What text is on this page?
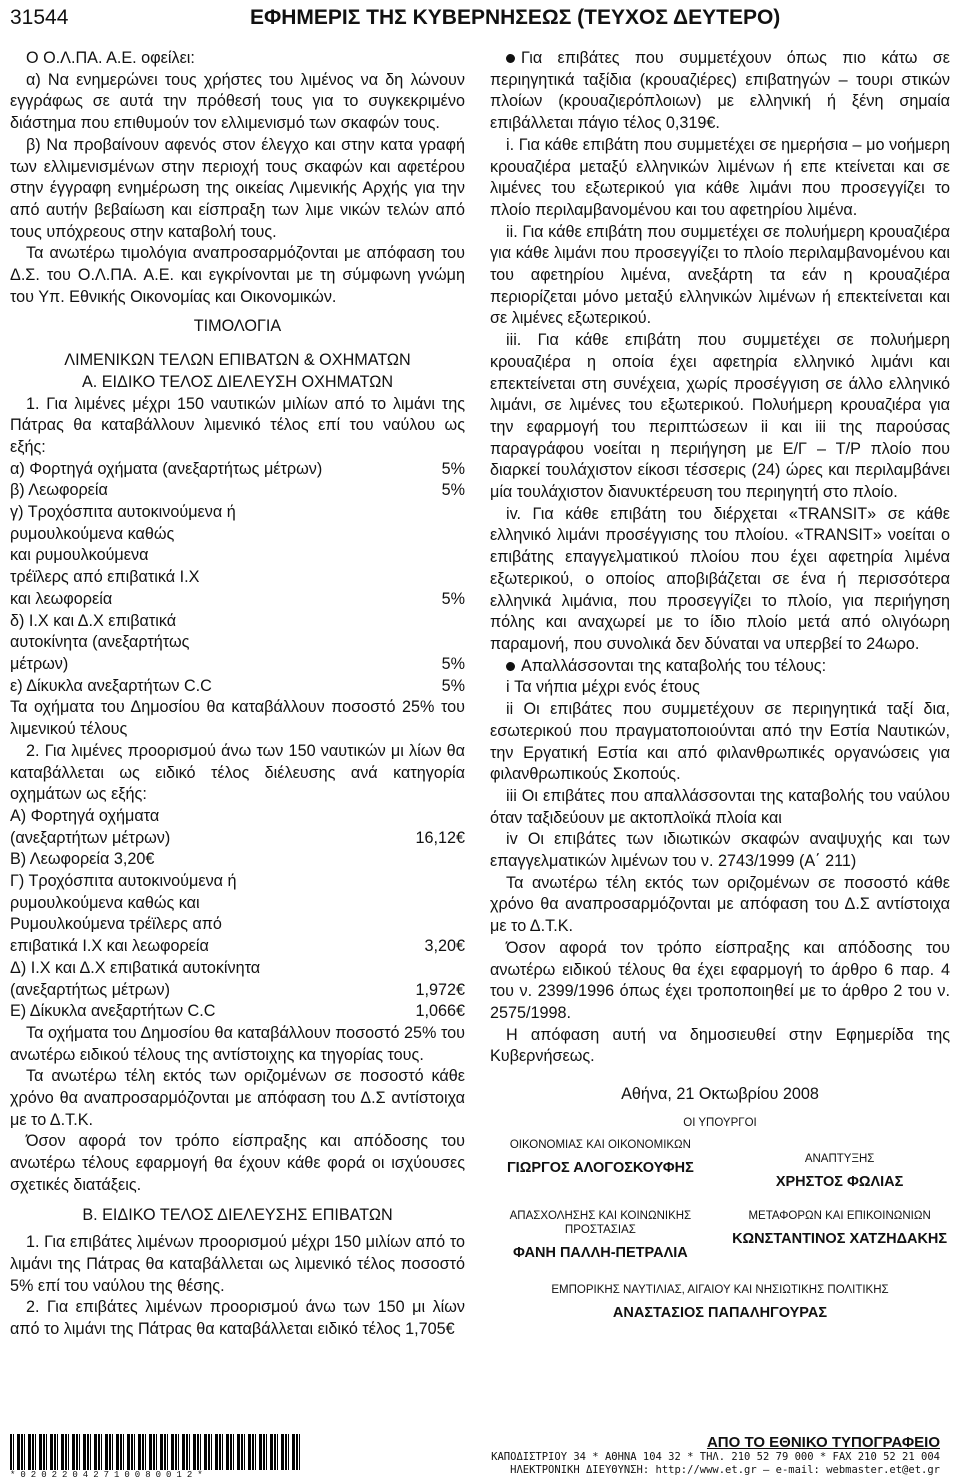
31544	ΕΦΗΜΕΡΙΣ ΤΗΣ ΚΥΒΕΡΝΗΣΕΩΣ (ΤΕΥΧΟΣ ΔΕΥΤΕΡΟ)

Ο Ο.Λ.ΠΑ. Α.Ε. οφείλει:

α) Να ενημερώνει τους χρήστες του λιμένος να δη λώνουν εγγράφως σε αυτά την πρόθεσή τους για το συγκεκριμένο διάστημα που επιθυμούν τον ελλιμενισμό των σκαφών τους.

β) Να προβαίνουν αφενός στον έλεγχο και στην κατα γραφή των ελλιμενισμένων στην περιοχή τους σκαφών και αφετέρου στην έγγραφη ενημέρωση της οικείας Λιμενικής Αρχής για την από αυτήν βεβαίωση και είσπραξη των λιμε νικών τελών από τους υπόχρεους στην καταβολή τους.

Τα ανωτέρω τιμολόγια αναπροσαρμόζονται με απόφαση του Δ.Σ. του Ο.Λ.ΠΑ. Α.Ε. και εγκρίνονται με τη σύμφωνη γνώμη του Υπ. Εθνικής Οικονομίας και Οικονομικών.

ΤΙΜΟΛΟΓΙΑ

ΛΙΜΕΝΙΚΩΝ ΤΕΛΩΝ ΕΠΙΒΑΤΩΝ & ΟΧΗΜΑΤΩΝ

Α. ΕΙΔΙΚΟ ΤΕΛΟΣ ΔΙΕΛΕΥΣΗ ΟΧΗΜΑΤΩΝ

1. Για λιμένες μέχρι 150 ναυτικών μιλίων από το λιμάνι της Πάτρας θα καταβάλλουν λιμενικό τέλος επί του ναύλου ως εξής:

α) Φορτηγά οχήματα (ανεξαρτήτως μέτρων)	5%
β) Λεωφορεία	5%
γ) Τροχόσπιτα αυτοκινούμενα ή
ρυμουλκούμενα καθώς
και ρυμουλκούμενα
τρέϊλερς από επιβατικά Ι.Χ
και λεωφορεία	5%
δ) Ι.Χ και Δ.Χ επιβατικά
αυτοκίνητα (ανεξαρτήτως
μέτρων)	5%
ε) Δίκυκλα ανεξαρτήτων C.C	5%

Τα οχήματα του Δημοσίου θα καταβάλλουν ποσοστό 25% του λιμενικού τέλους

2. Για λιμένες προορισμού άνω των 150 ναυτικών μι λίων θα καταβάλλεται ως ειδικό τέλος διέλευσης ανά κατηγορία οχημάτων ως εξής:

Α) Φορτηγά οχήματα
(ανεξαρτήτων μέτρων)	16,12€
Β) Λεωφορεία 3,20€
Γ) Τροχόσπιτα αυτοκινούμενα ή
ρυμουλκούμενα καθώς και
Ρυμουλκούμενα τρέϊλερς από
επιβατικά Ι.Χ και λεωφορεία	3,20€
Δ) Ι.Χ και Δ.Χ επιβατικά αυτοκίνητα
(ανεξαρτήτως μέτρων)	1,972€
Ε) Δίκυκλα ανεξαρτήτων C.C	1,066€

Τα οχήματα του Δημοσίου θα καταβάλλουν ποσοστό 25% του ανωτέρω ειδικού τέλους της αντίστοιχης κα τηγορίας τους.

Τα ανωτέρω τέλη εκτός των οριζομένων σε ποσοστό κάθε χρόνο θα αναπροσαρμόζονται με απόφαση του Δ.Σ αντίστοιχα με το Δ.Τ.Κ.

Όσον αφορά τον τρόπο είσπραξης και απόδοσης του ανωτέρω τέλους εφαρμογή θα έχουν κάθε φορά οι ισχύουσες σχετικές διατάξεις.

Β. ΕΙΔΙΚΟ ΤΕΛΟΣ ΔΙΕΛΕΥΣΗΣ ΕΠΙΒΑΤΩΝ

1. Για επιβάτες λιμένων προορισμού μέχρι 150 μιλίων από το λιμάνι της Πάτρας θα καταβάλλεται ως λιμενικό τέλος ποσοστό 5% επί του ναύλου της θέσης.

2. Για επιβάτες λιμένων προορισμού άνω των 150 μι λίων από το λιμάνι της Πάτρας θα καταβάλλεται ειδικό τέλος 1,705€

Για επιβάτες που συμμετέχουν όπως πιο κάτω σε περιηγητικά ταξίδια (κρουαζιέρες) επιβατηγών – τουρι στικών πλοίων (κρουαζιερόπλοιων) με ελληνική ή ξένη σημαία επιβάλλεται πάγιο τέλος 0,319€.

i. Για κάθε επιβάτη που συμμετέχει σε ημερήσια – μο νοήμερη κρουαζιέρα μεταξύ ελληνικών λιμένων ή επε κτείνεται και σε λιμένες του εξωτερικού για κάθε λιμάνι που προσεγγίζει το πλοίο περιλαμβανομένου και του αφετηρίου λιμένα.

ii. Για κάθε επιβάτη που συμμετέχει σε πολυήμερη κρουαζιέρα για κάθε λιμάνι που προσεγγίζει το πλοίο περιλαμβανομένου και του αφετηρίου λιμένα, ανεξάρτη τα εάν η κρουαζιέρα περιορίζεται μόνο μεταξύ ελληνικών λιμένων ή επεκτείνεται και σε λιμένες εξωτερικού.

iii. Για κάθε επιβάτη που συμμετέχει σε πολυήμερη κρουαζιέρα η οποία έχει αφετηρία ελληνικό λιμάνι και επεκτείνεται στη συνέχεια, χωρίς προσέγγιση σε άλλο ελληνικό λιμάνι, σε λιμένες του εξωτερικού. Πολυήμερη κρουαζιέρα για την εφαρμογή του περιπτώσεων ii και iii της παρούσας παραγράφου νοείται η περιήγηση με Ε/Γ – Τ/Ρ πλοίο που διαρκεί τουλάχιστον είκοσι τέσσερις (24) ώρες και περιλαμβάνει μία τουλάχιστον διανυκτέρευση του περιηγητή στο πλοίο.

iv. Για κάθε επιβάτη του διέρχεται «TRANSIT» σε κάθε ελληνικό λιμάνι προσέγγισης του πλοίου. «TRANSIT» νοείται ο επιβάτης επαγγελματικού πλοίου που έχει αφετηρία λιμένα εξωτερικού, ο οποίος αποβιβάζεται σε ένα ή περισσότερα ελληνικά λιμάνια, που προσεγγίζει το πλοίο, για περιήγηση πόλης και αναχωρεί με το ίδιο πλοίο μετά από ολιγόωρη παραμονή, που συνολικά δεν δύναται να υπερβεί το 24ωρο.

Απαλλάσσονται της καταβολής του τέλους:

i Τα νήπια μέχρι ενός έτους

ii Οι επιβάτες που συμμετέχουν σε περιηγητικά ταξί δια, εσωτερικού που πραγματοποιούνται από την Εστία Ναυτικών, την Εργατική Εστία και από φιλανθρωπικές οργανώσεις για φιλανθρωπικούς Σκοπούς.

iii Οι επιβάτες που απαλλάσσονται της καταβολής του ναύλου όταν ταξιδεύουν με ακτοπλοϊκά πλοία και

iv Οι επιβάτες των ιδιωτικών σκαφών αναψυχής και των επαγγελματικών λιμένων του ν. 2743/1999 (Α΄ 211)

Τα ανωτέρω τέλη εκτός των οριζομένων σε ποσοστό κάθε χρόνο θα αναπροσαρμόζονται με απόφαση του Δ.Σ αντίστοιχα με το Δ.Τ.Κ.

Όσον αφορά τον τρόπο είσπραξης και απόδοσης του ανωτέρω ειδικού τέλους θα έχει εφαρμογή το άρθρο 6 παρ. 4 του ν. 2399/1996 όπως έχει τροποποιηθεί με το άρθρο 2 του ν. 2575/1998.

Η απόφαση αυτή να δημοσιευθεί στην Εφημερίδα της Κυβερνήσεως.

Αθήνα, 21 Οκτωβρίου 2008

ΟΙ ΥΠΟΥΡΓΟΙ

ΟΙΚΟΝΟΜΙΑΣ ΚΑΙ ΟΙΚΟΝΟΜΙΚΩΝ
ΓΙΩΡΓΟΣ ΑΛΟΓΟΣΚΟΥΦΗΣ
ΑΝΑΠΤΥΞΗΣ
ΧΡΗΣΤΟΣ ΦΩΛΙΑΣ
ΑΠΑΣΧΟΛΗΣΗΣ ΚΑΙ ΚΟΙΝΩΝΙΚΗΣ ΠΡΟΣΤΑΣΙΑΣ
ΦΑΝΗ ΠΑΛΛΗ-ΠΕΤΡΑΛΙΑ
ΜΕΤΑΦΟΡΩΝ ΚΑΙ ΕΠΙΚΟΙΝΩΝΙΩΝ
ΚΩΝΣΤΑΝΤΙΝΟΣ ΧΑΤΖΗΔΑΚΗΣ
ΕΜΠΟΡΙΚΗΣ ΝΑΥΤΙΛΙΑΣ, ΑΙΓΑΙΟΥ ΚΑΙ ΝΗΣΙΩΤΙΚΗΣ ΠΟΛΙΤΙΚΗΣ
ΑΝΑΣΤΑΣΙΟΣ ΠΑΠΑΛΗΓΟΥΡΑΣ
*02022042710080012*
ΑΠΟ ΤΟ ΕΘΝΙΚΟ ΤΥΠΟΓΡΑΦΕΙΟ
ΚΑΠΟΔΙΣΤΡΙΟΥ 34 * ΑΘΗΝΑ 104 32 * ΤΗΛ. 210 52 79 000 * FAX 210 52 21 004
ΗΛΕΚΤΡΟΝΙΚΗ ΔΙΕΥΘΥΝΣΗ: http://www.et.gr — e-mail: webmaster.et@et.gr
